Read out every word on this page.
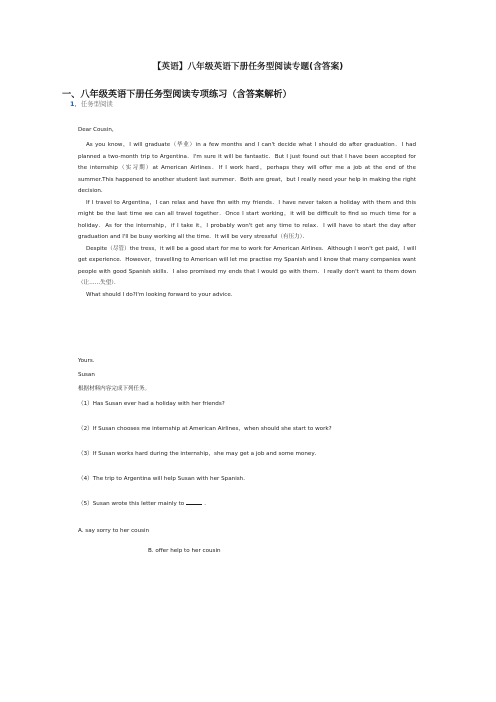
【英语】八年级英语下册任务型阅读专题(含答案)
一、八年级英语下册任务型阅读专项练习（含答案解析）
1．任务型阅读
Dear Cousin，

As you know，I will graduate（毕业）in a few months and I can't decide what I should do after graduation．I had planned a two-month trip to Argentina．I'm sure it will be fantastic．But I just found out that I have been accepted for the internship（实习期）at American Airlines．If I work hard，perhaps they will offer me a job at the end of the summer.This happened to another student last summer．Both are great，but I really need your help in making the right decision．

If I travel to Argentina，I can relax and have fhn with my friends．I have never taken a holiday with them and this might be the last time we can all travel together．Once I start working，it will be difficult to find so much time for a holiday．As for the internship，if I take it，I probably won't get any time to relax．I will have to start the day after graduation and I'll be busy working all the time．It will be very stressful（有压力）．

Despite（尽管）the tress，it will be a good start for me to work for American Airlines．Although I won't get paid，I will get experience．However，travelling to American will let me practise my Spanish and I know that many companies want people with good Spanish skills．I also promised my ends that I would go with them．I really don't want to them down（让……失望）．

What should I do?I'm looking forward to your advice.

Yours.
Susan
根据材料内容完成下列任务。
（1）Has Susan ever had a holiday with her friends?
（2）If Susan chooses me internship at American Airlines，when should she start to work?
（3）If Susan works hard during the internship，she may get a job and some money．
（4）The trip to Argentina will help Susan with her Spanish．
（5）Susan wrote this letter mainly to	．
A. say sorry to her cousin
B. offer help to her cousin
